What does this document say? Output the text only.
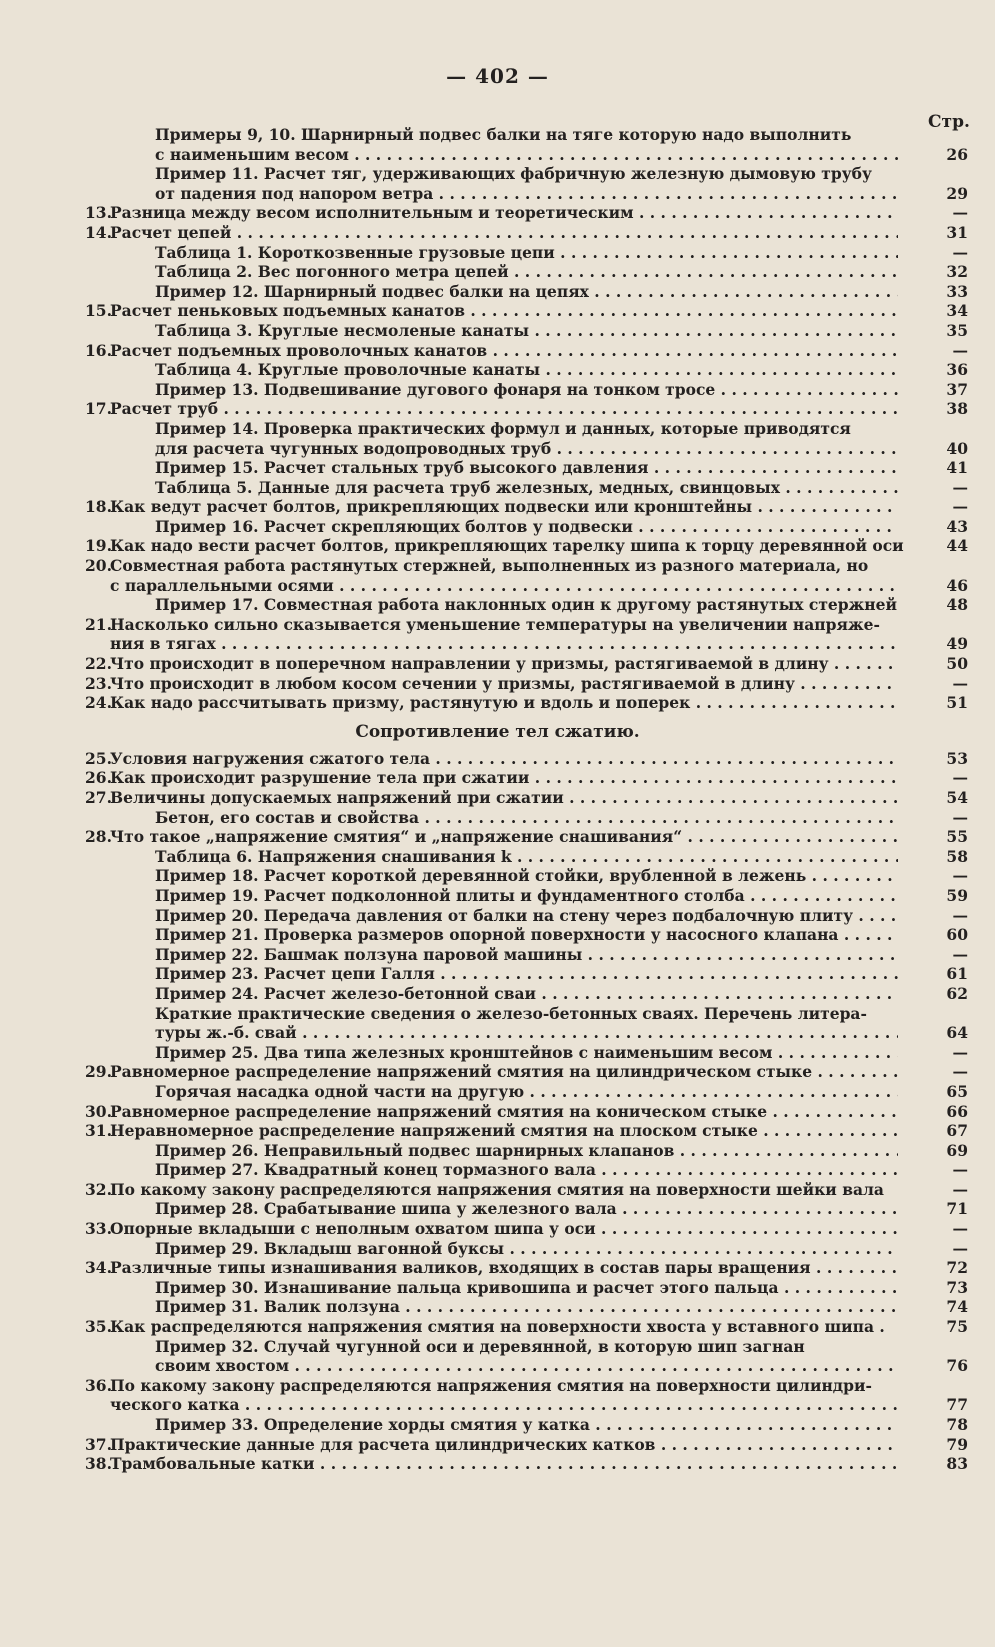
— 402 —
Стр.
Примеры 9, 10. Шарнирный подвес балки на тяге которую надо выполнить
с наименьшим весом . . .	26
Пример 11. Расчет тяг, удерживающих фабричную железную дымовую трубу
от падения под напором ветра . . .	29
13.
Разница между весом исполнительным и теоретическим . . .	—
14.
Расчет цепей . . .	31
Таблица 1. Короткозвенные грузовые цепи . . .	—
Таблица 2. Вес погонного метра цепей . . .	32
Пример 12. Шарнирный подвес балки на цепях . . .	33
15.
Расчет пеньковых подъемных канатов . . .	34
Таблица 3. Круглые несмоленые канаты . . .	35
16.
Расчет подъемных проволочных канатов . . .	—
Таблица 4. Круглые проволочные канаты . . .	36
Пример 13. Подвешивание дугового фонаря на тонком тросе . . .	37
17.
Расчет труб . . .	38
Пример 14. Проверка практических формул и данных, которые приводятся
для расчета чугунных водопроводных труб . . .	40
Пример 15. Расчет стальных труб высокого давления . . .	41
Таблица 5. Данные для расчета труб железных, медных, свинцовых . . .	—
18.
Как ведут расчет болтов, прикрепляющих подвески или кронштейны . . .	—
Пример 16. Расчет скрепляющих болтов у подвески . . .	43
19.
Как надо вести расчет болтов, прикрепляющих тарелку шипа к торцу деревянной оси	44
20.
Совместная работа растянутых стержней, выполненных из разного материала, но
с параллельными осями . . .	46
Пример 17. Совместная работа наклонных один к другому растянутых стержней	48
21.
Насколько сильно сказывается уменьшение температуры на увеличении напряже-
ния в тягах . . .	49
22.
Что происходит в поперечном направлении у призмы, растягиваемой в длину . . .	50
23.
Что происходит в любом косом сечении у призмы, растягиваемой в длину . . .	—
24.
Как надо рассчитывать призму, растянутую и вдоль и поперек . . .	51
Сопротивление тел сжатию.
25.
Условия нагружения сжатого тела . . .	53
26.
Как происходит разрушение тела при сжатии . . .	—
27.
Величины допускаемых напряжений при сжатии . . .	54
Бетон, его состав и свойства . . .	—
28.
Что такое „напряжение смятия“ и „напряжение снашивания“ . . .	55
Таблица 6. Напряжения снашивания k . . .	58
Пример 18. Расчет короткой деревянной стойки, врубленной в лежень . . .	—
Пример 19. Расчет подколонной плиты и фундаментного столба . . .	59
Пример 20. Передача давления от балки на стену через подбалочную плиту . . .	—
Пример 21. Проверка размеров опорной поверхности у насосного клапана . . .	60
Пример 22. Башмак ползуна паровой машины . . .	—
Пример 23. Расчет цепи Галля . . .	61
Пример 24. Расчет железо-бетонной сваи . . .	62
Краткие практические сведения о железо-бетонных сваях. Перечень литера-
туры ж.-б. свай . . .	64
Пример 25. Два типа железных кронштейнов с наименьшим весом . . .	—
29.
Равномерное распределение напряжений смятия на цилиндрическом стыке . . .	—
Горячая насадка одной части на другую . . .	65
30.
Равномерное распределение напряжений смятия на коническом стыке . . .	66
31.
Неравномерное распределение напряжений смятия на плоском стыке . . .	67
Пример 26. Неправильный подвес шарнирных клапанов . . .	69
Пример 27. Квадратный конец тормазного вала . . .	—
32.
По какому закону распределяются напряжения смятия на поверхности шейки вала	—
Пример 28. Срабатывание шипа у железного вала . . .	71
33.
Опорные вкладыши с неполным охватом шипа у оси . . .	—
Пример 29. Вкладыш вагонной буксы . . .	—
34.
Различные типы изнашивания валиков, входящих в состав пары вращения . . .	72
Пример 30. Изнашивание пальца кривошипа и расчет этого пальца . . .	73
Пример 31. Валик ползуна . . .	74
35.
Как распределяются напряжения смятия на поверхности хвоста у вставного шипа .	75
Пример 32. Случай чугунной оси и деревянной, в которую шип загнан
своим хвостом . . .	76
36.
По какому закону распределяются напряжения смятия на поверхности цилиндри-
ческого катка . . .	77
Пример 33. Определение хорды смятия у катка . . .	78
37.
Практические данные для расчета цилиндрических катков . . .	79
38.
Трамбовальные катки . . .	83
